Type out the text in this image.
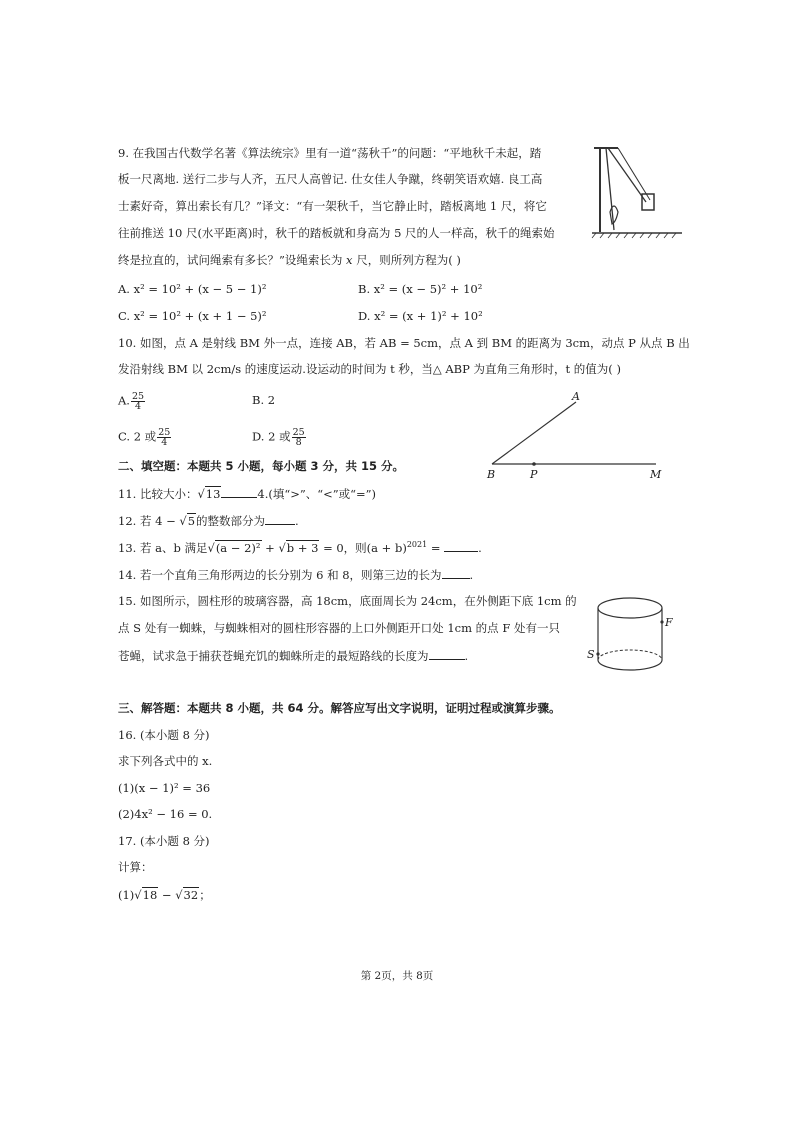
9. 在我国古代数学名著《算法统宗》里有一道“荡秋千”的问题：“平地秋千未起，踏
板一尺离地. 送行二步与人齐，五尺人高曾记. 仕女佳人争蹴，终朝笑语欢嬉. 良工高
士素好奇，算出索长有几？”译文：“有一架秋千，当它静止时，踏板离地 1 尺，将它
往前推送 10 尺(水平距离)时，秋千的踏板就和身高为 5 尺的人一样高，秋千的绳索始
终是拉直的，试问绳索有多长？”设绳索长为 x 尺，则所列方程为( )
A. x² = 10² + (x − 5 − 1)²	B. x² = (x − 5)² + 10²
C. x² = 10² + (x + 1 − 5)²	D. x² = (x + 1)² + 10²
10. 如图，点 A 是射线 BM 外一点，连接 AB，若 AB = 5cm，点 A 到 BM 的距离为 3cm，动点 P 从点 B 出
发沿射线 BM 以 2cm/s 的速度运动.设运动的时间为 t 秒，当△ ABP 为直角三角形时，t 的值为( )
A. $\frac{25}{4}$	B. 2
C. 2 或 $\frac{25}{4}$	D. 2 或 $\frac{25}{8}$
A
B	P	M
二、填空题：本题共 5 小题，每小题 3 分，共 15 分。
11. 比较大小：√13	4.(填“>”、“<”或“=”)
12. 若 4 − √5的整数部分为	.
13. 若 a、b 满足√(a − 2)² + √b + 3 = 0，则$(a + b)^{2021}$ =	.
14. 若一个直角三角形两边的长分别为 6 和 8，则第三边的长为 .
15. 如图所示，圆柱形的玻璃容器，高 18cm，底面周长为 24cm，在外侧距下底 1cm 的
点 S 处有一蜘蛛，与蜘蛛相对的圆柱形容器的上口外侧距开口处 1cm 的点 F 处有一只
苍蝇，试求急于捕获苍蝇充饥的蜘蛛所走的最短路线的长度为	.
F
S
三、解答题：本题共 8 小题，共 64 分。解答应写出文字说明，证明过程或演算步骤。
16. (本小题 8 分)
求下列各式中的 x.
(1)(x − 1)² = 36
(2)4x² − 16 = 0.
17. (本小题 8 分)
计算：
(1)√18 − √32；
第 2页，共 8页
